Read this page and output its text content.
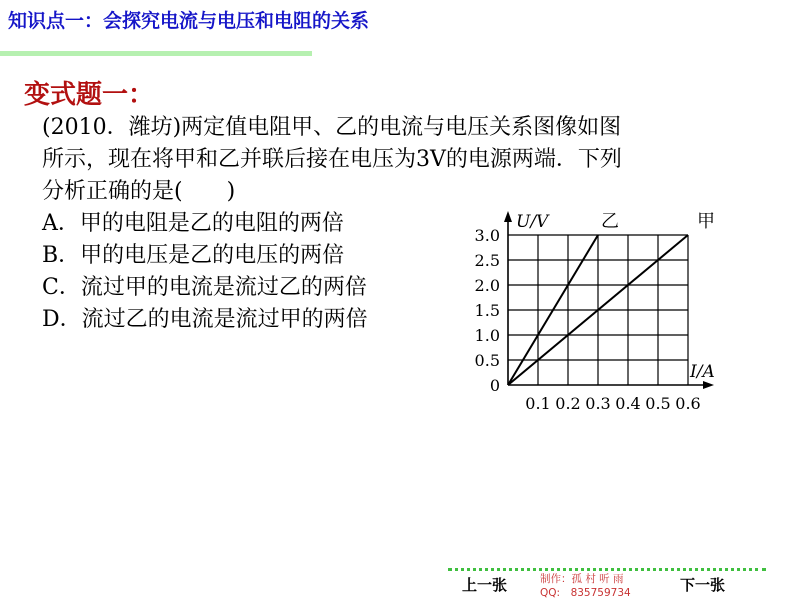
知识点一：会探究电流与电压和电阻的关系
变式题一：
(2010．潍坊)两定值电阻甲、乙的电流与电压关系图像如图
所示，现在将甲和乙并联后接在电压为3V的电源两端．下列
分析正确的是(　　)
A．甲的电阻是乙的电阻的两倍
B．甲的电压是乙的电压的两倍
C．流过甲的电流是流过乙的两倍
D．流过乙的电流是流过甲的两倍
0
0.5
1.0
1.5
2.0
2.5
3.0
0.1 0.2 0.3 0.4 0.5 0.6
U/V
I/A
乙	甲
上一张	制作：孤 村 听 雨
QQ:　835759734	下一张
